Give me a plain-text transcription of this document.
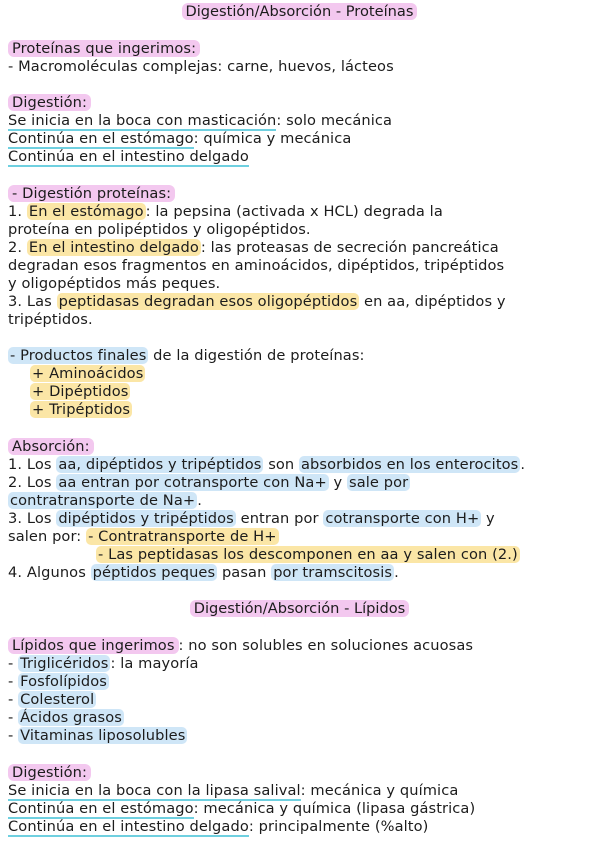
Digestión/Absorción - Proteínas
Proteínas que ingerimos:
- Macromoléculas complejas: carne, huevos, lácteos
Digestión:
Se inicia en la boca con masticación: solo mecánica
Continúa en el estómago: química y mecánica
Continúa en el intestino delgado
- Digestión proteínas:
1. En el estómago : la pepsina (activada x HCL) degrada la
proteína en polipéptidos y oligopéptidos.
2. En el intestino delgado : las proteasas de secreción pancreática
degradan esos fragmentos en aminoácidos, dipéptidos, tripéptidos
y oligopéptidos más peques.
3. Las peptidasas degradan esos oligopéptidos en aa, dipéptidos y
tripéptidos.
- Productos finales de la digestión de proteínas:
+ Aminoácidos
+ Dipéptidos
+ Tripéptidos
Absorción:
1. Los aa, dipéptidos y tripéptidos son absorbidos en los enterocitos .
2. Los aa entran por cotransporte con Na+ y sale por
contratransporte de Na+ .
3. Los dipéptidos y tripéptidos entran por cotransporte con H+ y
salen por: - Contratransporte de H+
- Las peptidasas los descomponen en aa y salen con (2.)
4. Algunos péptidos peques pasan por tramscitosis .
Digestión/Absorción - Lípidos
Lípidos que ingerimos : no son solubles en soluciones acuosas
- Triglicéridos : la mayoría
- Fosfolípidos
- Colesterol
- Ácidos grasos
- Vitaminas liposolubles
Digestión:
Se inicia en la boca con la lipasa salival: mecánica y química
Continúa en el estómago: mecánica y química (lipasa gástrica)
Continúa en el intestino delgado: principalmente (%alto)
